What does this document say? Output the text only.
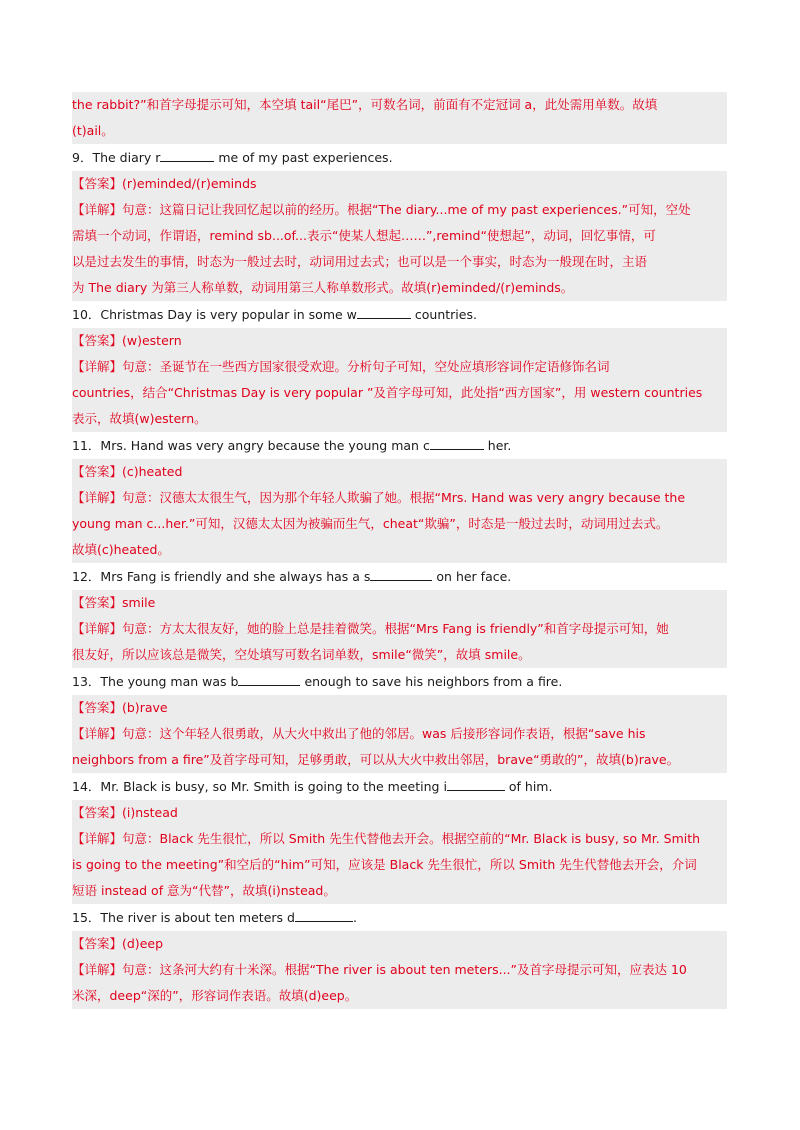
the rabbit?”和首字母提示可知，本空填 tail“尾巴”，可数名词，前面有不定冠词 a，此处需用单数。故填
(t)ail。
9．The diary r	me of my past experiences.
【答案】(r)eminded/(r)eminds
【详解】句意：这篇日记让我回忆起以前的经历。根据“The diary...me of my past experiences.”可知，空处
需填一个动词，作谓语，remind sb...of...表示“使某人想起……”,remind“使想起”，动词，回忆事情，可
以是过去发生的事情，时态为一般过去时，动词用过去式；也可以是一个事实，时态为一般现在时，主语
为 The diary 为第三人称单数，动词用第三人称单数形式。故填(r)eminded/(r)eminds。
10．Christmas Day is very popular in some w	countries.
【答案】(w)estern
【详解】句意：圣诞节在一些西方国家很受欢迎。分析句子可知，空处应填形容词作定语修饰名词
countries，结合“Christmas Day is very popular ”及首字母可知，此处指“西方国家”，用 western countries
表示，故填(w)estern。
11．Mrs. Hand was very angry because the young man c	her.
【答案】(c)heated
【详解】句意：汉德太太很生气，因为那个年轻人欺骗了她。根据“Mrs. Hand was very angry because the
young man c...her.”可知，汉德太太因为被骗而生气，cheat“欺骗”，时态是一般过去时，动词用过去式。
故填(c)heated。
12．Mrs Fang is friendly and she always has a s	on her face.
【答案】smile
【详解】句意：方太太很友好，她的脸上总是挂着微笑。根据“Mrs Fang is friendly”和首字母提示可知，她
很友好，所以应该总是微笑，空处填写可数名词单数，smile“微笑”，故填 smile。
13．The young man was b	enough to save his neighbors from a fire.
【答案】(b)rave
【详解】句意：这个年轻人很勇敢，从大火中救出了他的邻居。was 后接形容词作表语，根据“save his
neighbors from a fire”及首字母可知，足够勇敢，可以从大火中救出邻居，brave“勇敢的”，故填(b)rave。
14．Mr. Black is busy, so Mr. Smith is going to the meeting i	of him.
【答案】(i)nstead
【详解】句意：Black 先生很忙，所以 Smith 先生代替他去开会。根据空前的“Mr. Black is busy, so Mr. Smith
is going to the meeting”和空后的“him”可知，应该是 Black 先生很忙，所以 Smith 先生代替他去开会，介词
短语 instead of 意为“代替”，故填(i)nstead。
15．The river is about ten meters d	.
【答案】(d)eep
【详解】句意：这条河大约有十米深。根据“The river is about ten meters...”及首字母提示可知，应表达 10
米深，deep“深的”，形容词作表语。故填(d)eep。
